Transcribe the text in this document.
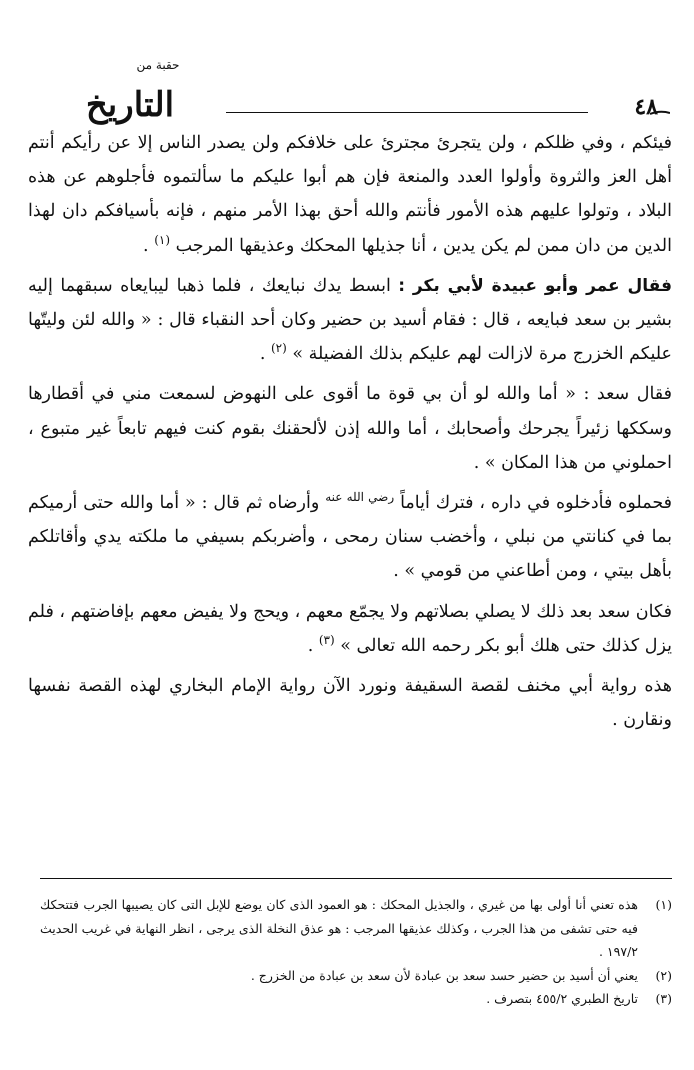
حقبة من
التاريخ	٤٨

فيئكم ، وفي ظلكم ، ولن يتجرئ مجترئ على خلافكم ولن يصدر الناس إلا عن رأيكم أنتم أهل العز والثروة وأولوا العدد والمنعة فإن هم أبوا عليكم ما سألتموه فأجلوهم عن هذه البلاد ، وتولوا عليهم هذه الأمور فأنتم والله أحق بهذا الأمر منهم ، فإنه بأسيافكم دان لهذا الدين من دان ممن لم يكن يدين ، أنا جذيلها المحكك وعذيقها المرجب $^{(١)}$ .

فقال عمر وأبو عبيدة لأبي بكر : ابسط يدك نبايعك ، فلما ذهبا ليبايعاه سبقهما إليه بشير بن سعد فبايعه ، قال : فقام أسيد بن حضير وكان أحد النقباء قال : « والله لئن وليتّها عليكم الخزرج مرة لازالت لهم عليكم بذلك الفضيلة » $^{(٢)}$ .

فقال سعد : « أما والله لو أن بي قوة ما أقوى على النهوض لسمعت مني في أقطارها وسككها زئيراً يجرحك وأصحابك ، أما والله إذن لألحقنك بقوم كنت فيهم تابعاً غير متبوع ، احملوني من هذا المكان » .

فحملوه فأدخلوه في داره ، فترك أياماً $^{رضي الله عنه}$ وأرضاه ثم قال : « أما والله حتى أرميكم بما في كنانتي من نبلي ، وأخضب سنان رمحى ، وأضربكم بسيفي ما ملكته يدي وأقاتلكم بأهل بيتي ، ومن أطاعني من قومي » .

فكان سعد بعد ذلك لا يصلي بصلاتهم ولا يجمّع معهم ، ويحج ولا يفيض معهم بإفاضتهم ، فلم يزل كذلك حتى هلك أبو بكر رحمه الله تعالى » $^{(٣)}$ .

هذه رواية أبي مخنف لقصة السقيفة ونورد الآن رواية الإمام البخاري لهذه القصة نفسها ونقارن .

(١)
هذه تعني أنا أولى بها من غيري ، والجذيل المحكك : هو العمود الذى كان يوضع للإبل التى كان يصيبها الجرب فتتحكك فيه حتى تشفى من هذا الجرب ، وكذلك عذيقها المرجب : هو عذق النخلة الذى يرجى ، انظر النهاية في غريب الحديث ١٩٧/٢ .

(٢)
يعني أن أسيد بن حضير حسد سعد بن عبادة لأن سعد بن عبادة من الخزرج .

(٣)
تاريخ الطبري ٤٥٥/٢ بتصرف .
